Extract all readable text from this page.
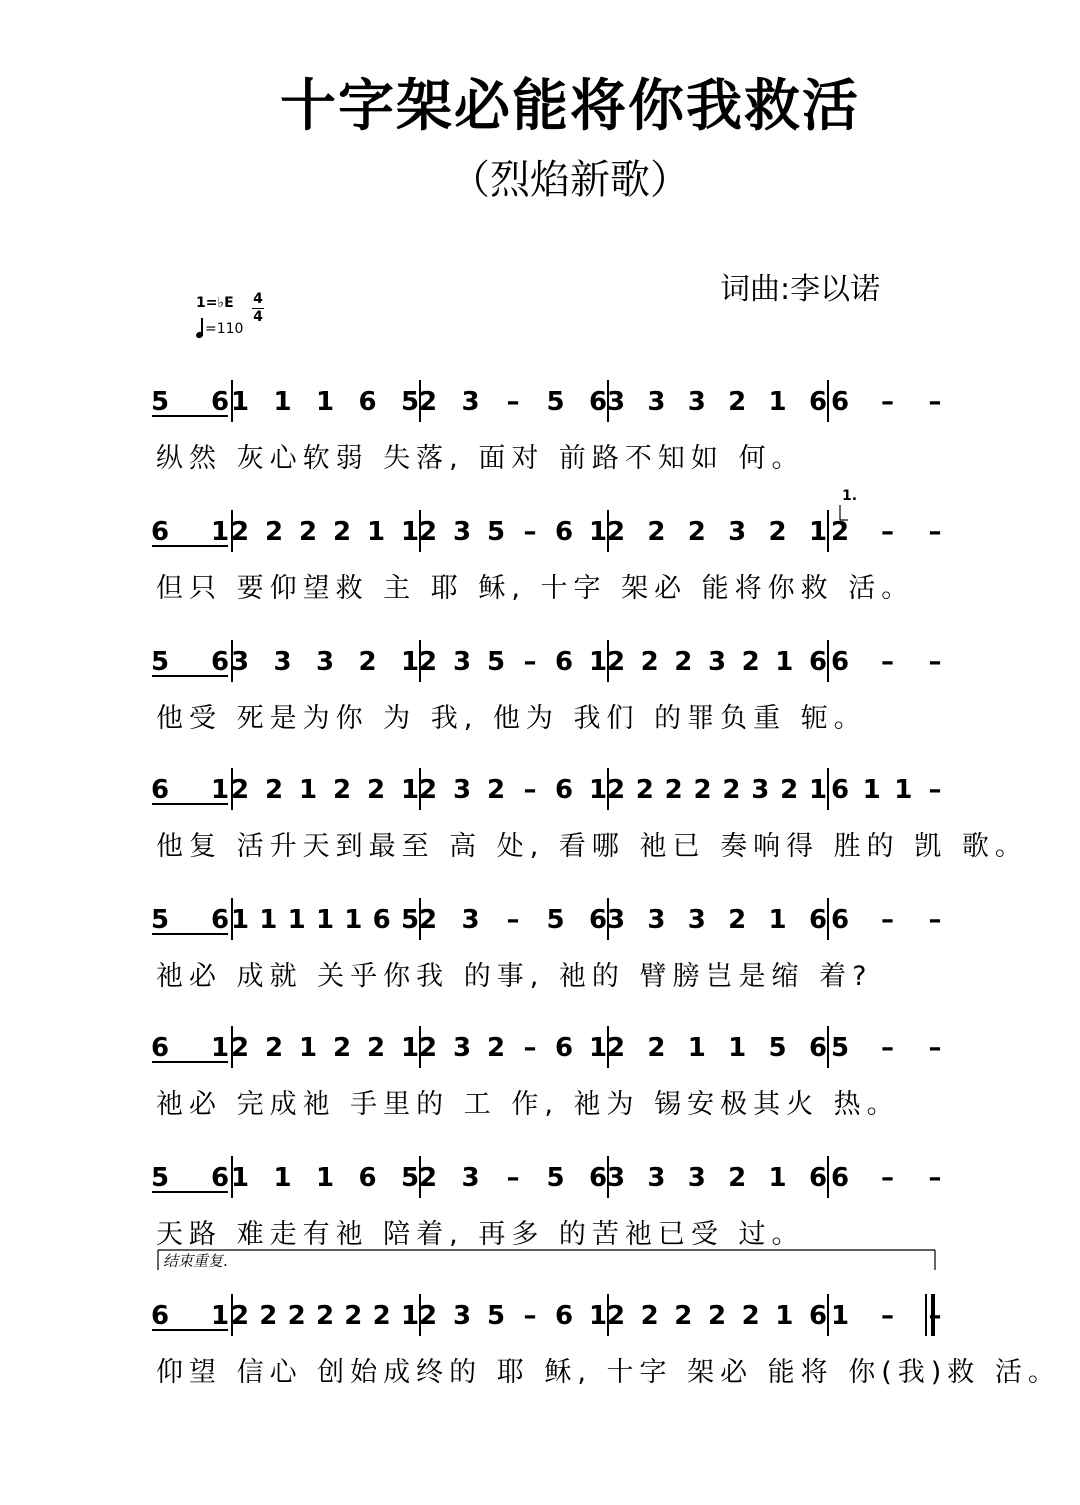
十字架必能将你我救活
（烈焰新歌）
词曲:李以诺
1=♭E
=110
4
4
5 6 1 1 1 6 5 2 3 – 5 6 3 3 3 2 1 6 6 – –
纵然 灰心软弱 失落, 面对 前路不知如 何。
6 1 2 2 2 2 1 1 2 3 5 – 6 1 2 2 2 3 2 1 2 – –
但只 要仰望救 主 耶 稣, 十字 架必 能将你救 活。
5 6 3 3 3 2 1 2 3 5 – 6 1 2 2 2 3 2 1 6 6 – –
他受 死是为你 为 我, 他为 我们 的罪负重 轭。
6 1 2 2 1 2 2 1 2 3 2 – 6 1 2 2 2 2 2 3 2 1 6 1 1 –
他复 活升天到最至 高 处, 看哪 祂已 奏响得 胜的 凯 歌。
5 6 1 1 1 1 1 6 5 2 3 – 5 6 3 3 3 2 1 6 6 – –
祂必 成就 关乎你我 的事, 祂的 臂膀岂是缩 着?
6 1 2 2 1 2 2 1 2 3 2 – 6 1 2 2 1 1 5 6 5 – –
祂必 完成祂 手里的 工 作, 祂为 锡安极其火 热。
5 6 1 1 1 6 5 2 3 – 5 6 3 3 3 2 1 6 6 – –
天路 难走有祂 陪着, 再多 的苦祂已受 过。
结束重复.
6 1 2 2 2 2 2 2 1 2 3 5 – 6 1 2 2 2 2 2 1 6 1 – –
仰望 信心 创始成终的 耶 稣, 十字 架必 能将 你(我)救 活。
1.
